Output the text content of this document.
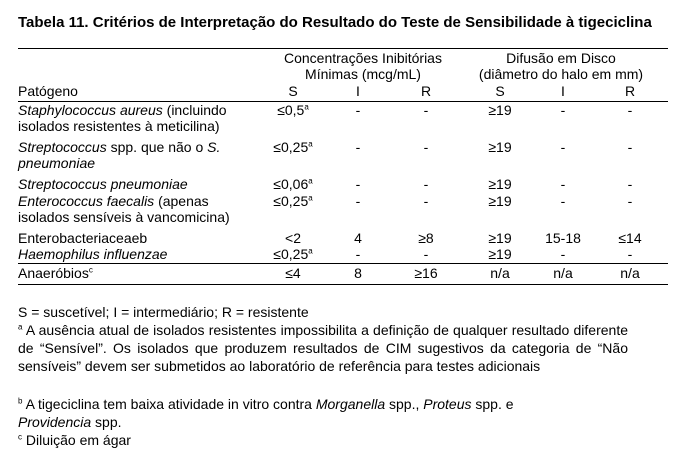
Tabela 11. Critérios de Interpretação do Resultado do Teste de Sensibilidade à tigeciclina
Concentrações Inibitórias
Mínimas (mcg/mL)
Difusão em Disco
(diâmetro do halo em mm)
Patógeno	S	I	R	S	I	R
Staphylococcus aureus (incluindo
isolados resistentes à meticilina)
≤0,5$^a$	-	-	≥19	-	-
Streptococcus spp. que não o S.
pneumoniae
≤0,25$^a$	-	-	≥19	-	-
Streptococcus pneumoniae	≤0,06$^a$	-	-	≥19	-	-
Enterococcus faecalis (apenas
isolados sensíveis à vancomicina)
≤0,25$^a$	-	-	≥19	-	-
Enterobacteriaceaeb	<2	4	≥8	≥19	15-18	≤14
Haemophilus influenzae	≤0,25$^a$	-	-	≥19	-	-
Anaeróbios$^c$	≤4	8	≥16	n/a	n/a	n/a
S = suscetível; I = intermediário; R = resistente
$^a$ A ausência atual de isolados resistentes impossibilita a definição de qualquer resultado diferente de “Sensível”. Os isolados que produzem resultados de CIM sugestivos da categoria de “Não sensíveis” devem ser submetidos ao laboratório de referência para testes adicionais
$^b$ A tigeciclina tem baixa atividade in vitro contra Morganella spp., Proteus spp. e
Providencia spp.
$^c$ Diluição em ágar
